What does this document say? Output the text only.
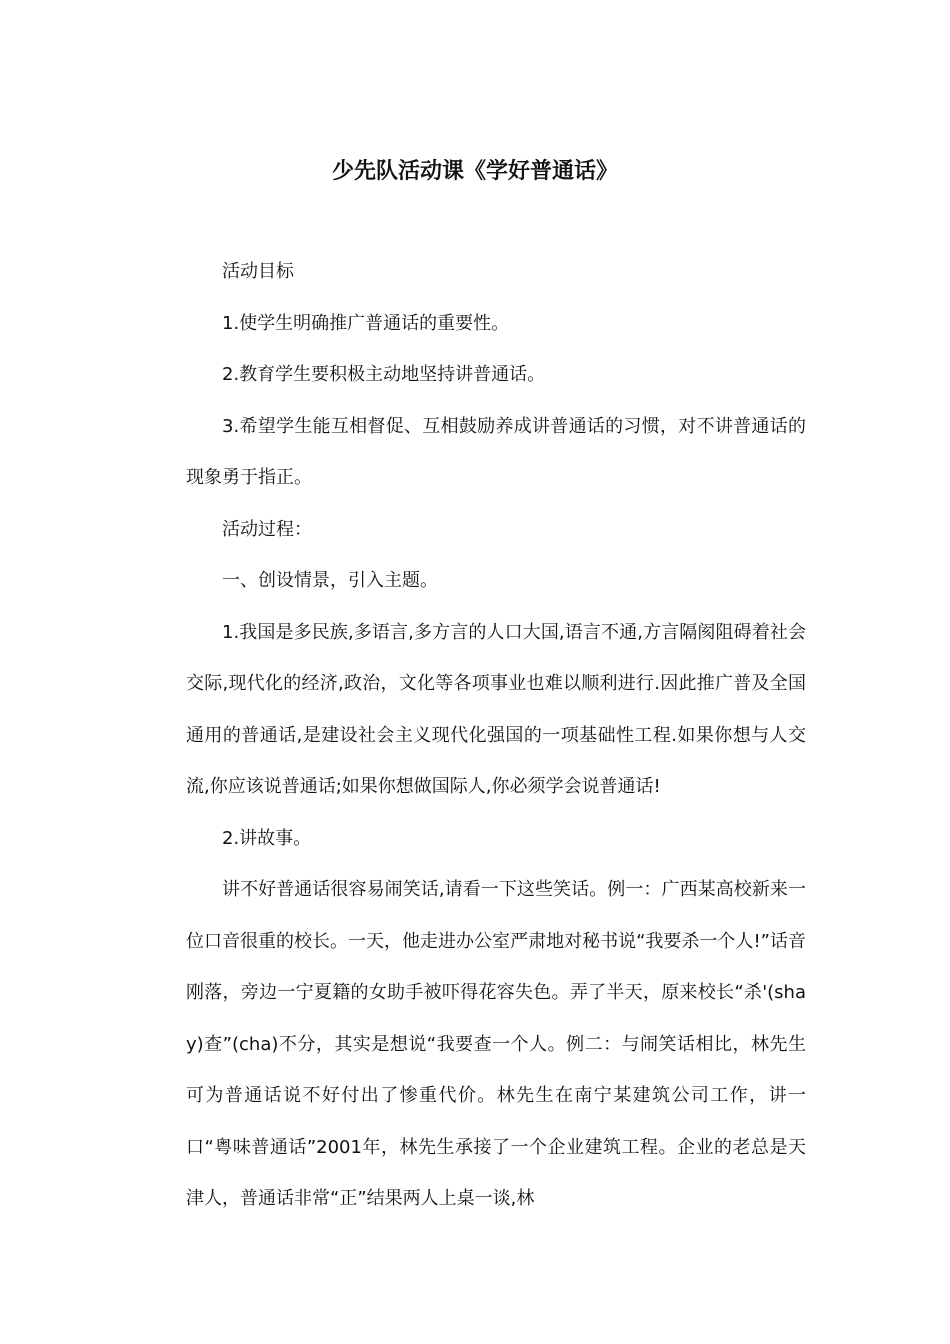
少先队活动课《学好普通话》

活动目标

1.使学生明确推广普通话的重要性。

2.教育学生要积极主动地坚持讲普通话。

3.希望学生能互相督促、互相鼓励养成讲普通话的习惯，对不讲普通话的现象勇于指正。

活动过程：

一、创设情景，引入主题。

1.我国是多民族,多语言,多方言的人口大国,语言不通,方言隔阂阻碍着社会交际,现代化的经济,政治，文化等各项事业也难以顺利进行.因此推广普及全国通用的普通话,是建设社会主义现代化强国的一项基础性工程.如果你想与人交流,你应该说普通话;如果你想做国际人,你必须学会说普通话!

2.讲故事。

讲不好普通话很容易闹笑话,请看一下这些笑话。例一：广西某高校新来一位口音很重的校长。一天，他走进办公室严肃地对秘书说“我要杀一个人!”话音刚落，旁边一宁夏籍的女助手被吓得花容失色。弄了半天，原来校长“杀'(shay)查”(cha)不分，其实是想说“我要查一个人。例二：与闹笑话相比，林先生可为普通话说不好付出了惨重代价。林先生在南宁某建筑公司工作，讲一口“粤味普通话”2001年，林先生承接了一个企业建筑工程。企业的老总是天津人，普通话非常“正”结果两人上桌一谈,林
